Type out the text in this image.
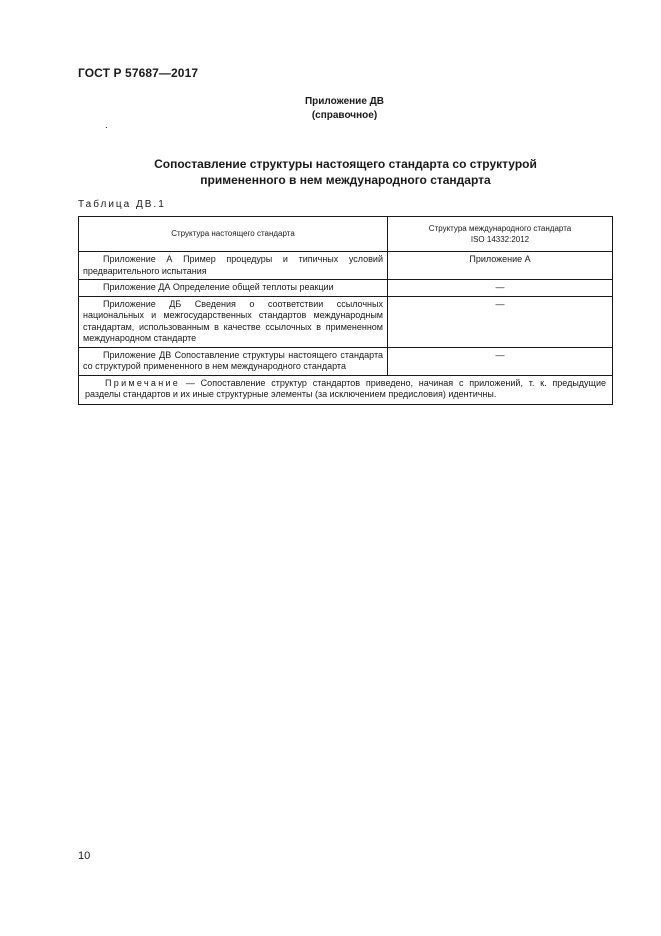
ГОСТ Р 57687—2017
Приложение ДВ
(справочное)
.
Сопоставление структуры настоящего стандарта со структурой
примененного в нем международного стандарта
Таблица ДВ.1
Структура настоящего стандарта	Структура международного стандарта
ISO 14332:2012

Приложение А Пример процедуры и типичных условий предварительного испытания	Приложение А
Приложение ДА Определение общей теплоты реакции	—
Приложение ДБ Сведения о соответствии ссылочных национальных и межгосударственных стандартов международным стандартам, использованным в качестве ссылочных в примененном международном стандарте	—
Приложение ДВ Сопоставление структуры настоящего стандарта со структурой примененного в нем международного стандарта	—
Примечание — Сопоставление структур стандартов приведено, начиная с приложений, т. к. предыдущие разделы стандартов и их иные структурные элементы (за исключением предисловия) идентичны.	
10
